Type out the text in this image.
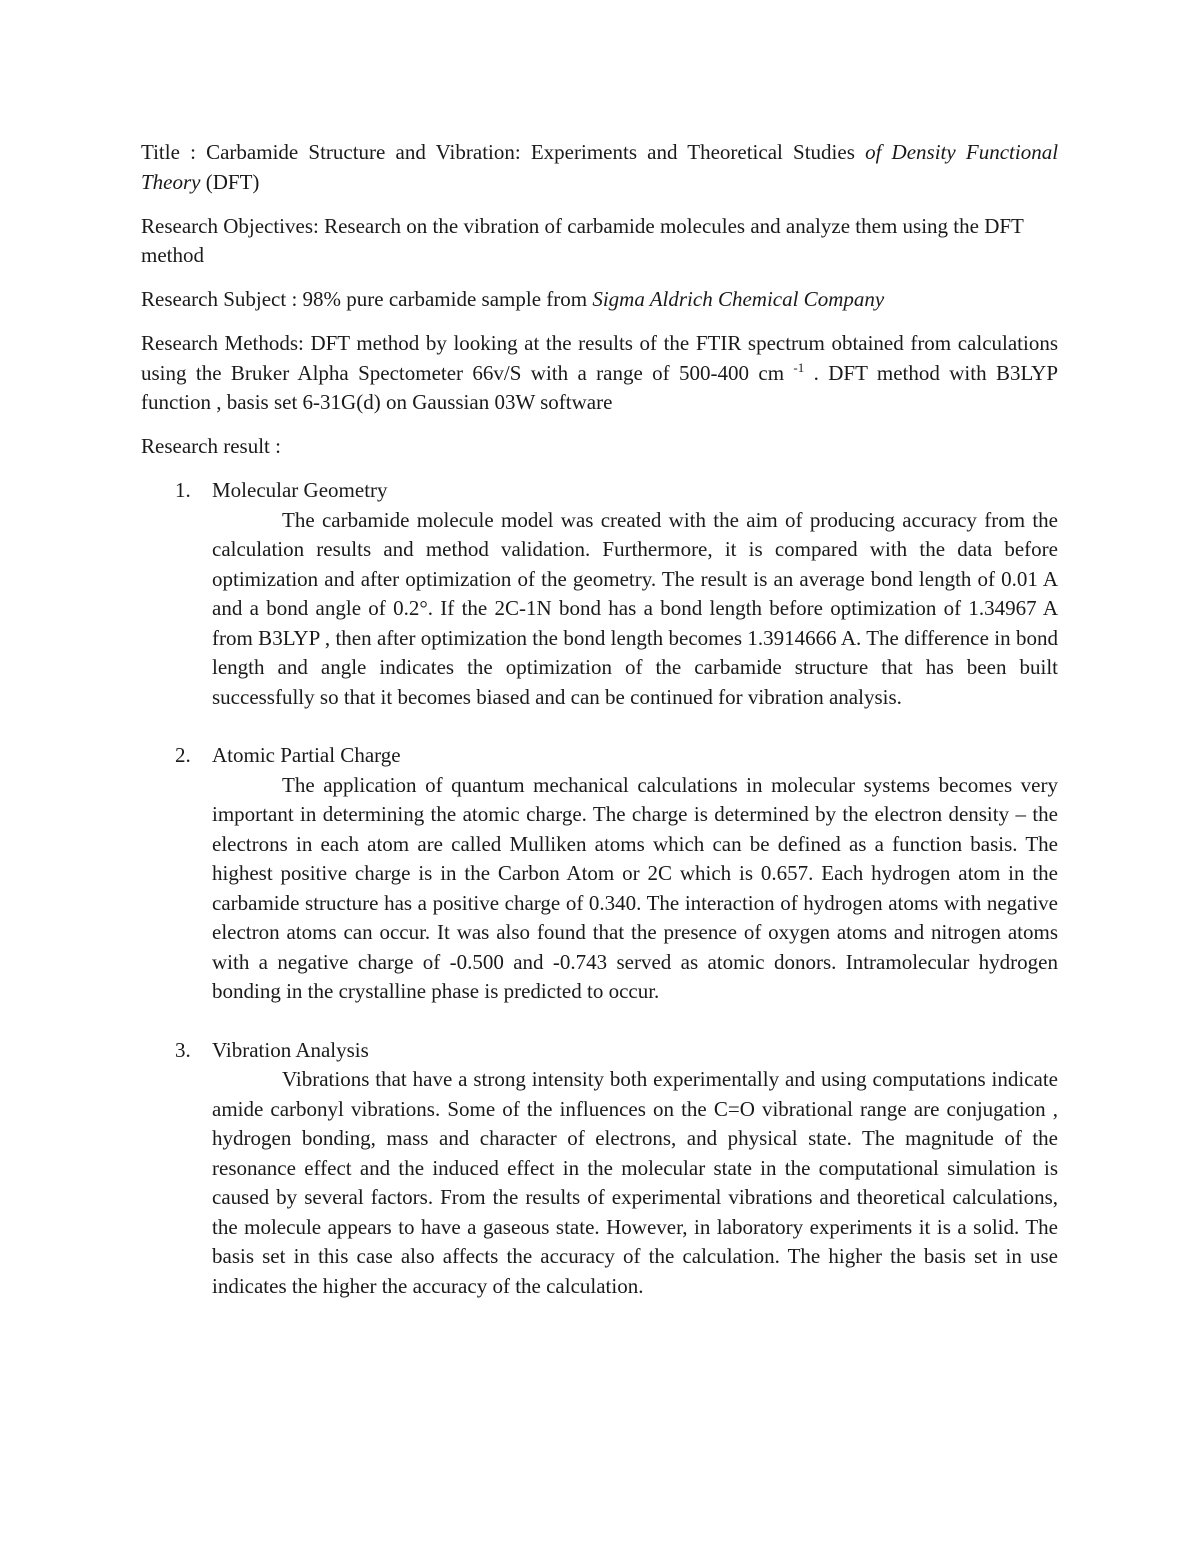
Title : Carbamide Structure and Vibration: Experiments and Theoretical Studies of Density Functional Theory (DFT)

Research Objectives: Research on the vibration of carbamide molecules and analyze them using the DFT method

Research Subject : 98% pure carbamide sample from Sigma Aldrich Chemical Company

Research Methods: DFT method by looking at the results of the FTIR spectrum obtained from calculations using the Bruker Alpha Spectometer 66v/S with a range of 500-400 cm $^{-1}$ . DFT method with B3LYP function , basis set 6-31G(d) on Gaussian 03W software

Research result :

1. Molecular Geometry
The carbamide molecule model was created with the aim of producing accuracy from the calculation results and method validation. Furthermore, it is compared with the data before optimization and after optimization of the geometry. The result is an average bond length of 0.01 A and a bond angle of 0.2°. If the 2C-1N bond has a bond length before optimization of 1.34967 A from B3LYP , then after optimization the bond length becomes 1.3914666 A. The difference in bond length and angle indicates the optimization of the carbamide structure that has been built successfully so that it becomes biased and can be continued for vibration analysis.
2. Atomic Partial Charge
The application of quantum mechanical calculations in molecular systems becomes very important in determining the atomic charge. The charge is determined by the electron density – the electrons in each atom are called Mulliken atoms which can be defined as a function basis. The highest positive charge is in the Carbon Atom or 2C which is 0.657. Each hydrogen atom in the carbamide structure has a positive charge of 0.340. The interaction of hydrogen atoms with negative electron atoms can occur. It was also found that the presence of oxygen atoms and nitrogen atoms with a negative charge of -0.500 and -0.743 served as atomic donors. Intramolecular hydrogen bonding in the crystalline phase is predicted to occur.
3. Vibration Analysis
Vibrations that have a strong intensity both experimentally and using computations indicate amide carbonyl vibrations. Some of the influences on the C=O vibrational range are conjugation , hydrogen bonding, mass and character of electrons, and physical state. The magnitude of the resonance effect and the induced effect in the molecular state in the computational simulation is caused by several factors. From the results of experimental vibrations and theoretical calculations, the molecule appears to have a gaseous state. However, in laboratory experiments it is a solid. The basis set in this case also affects the accuracy of the calculation. The higher the basis set in use indicates the higher the accuracy of the calculation.
